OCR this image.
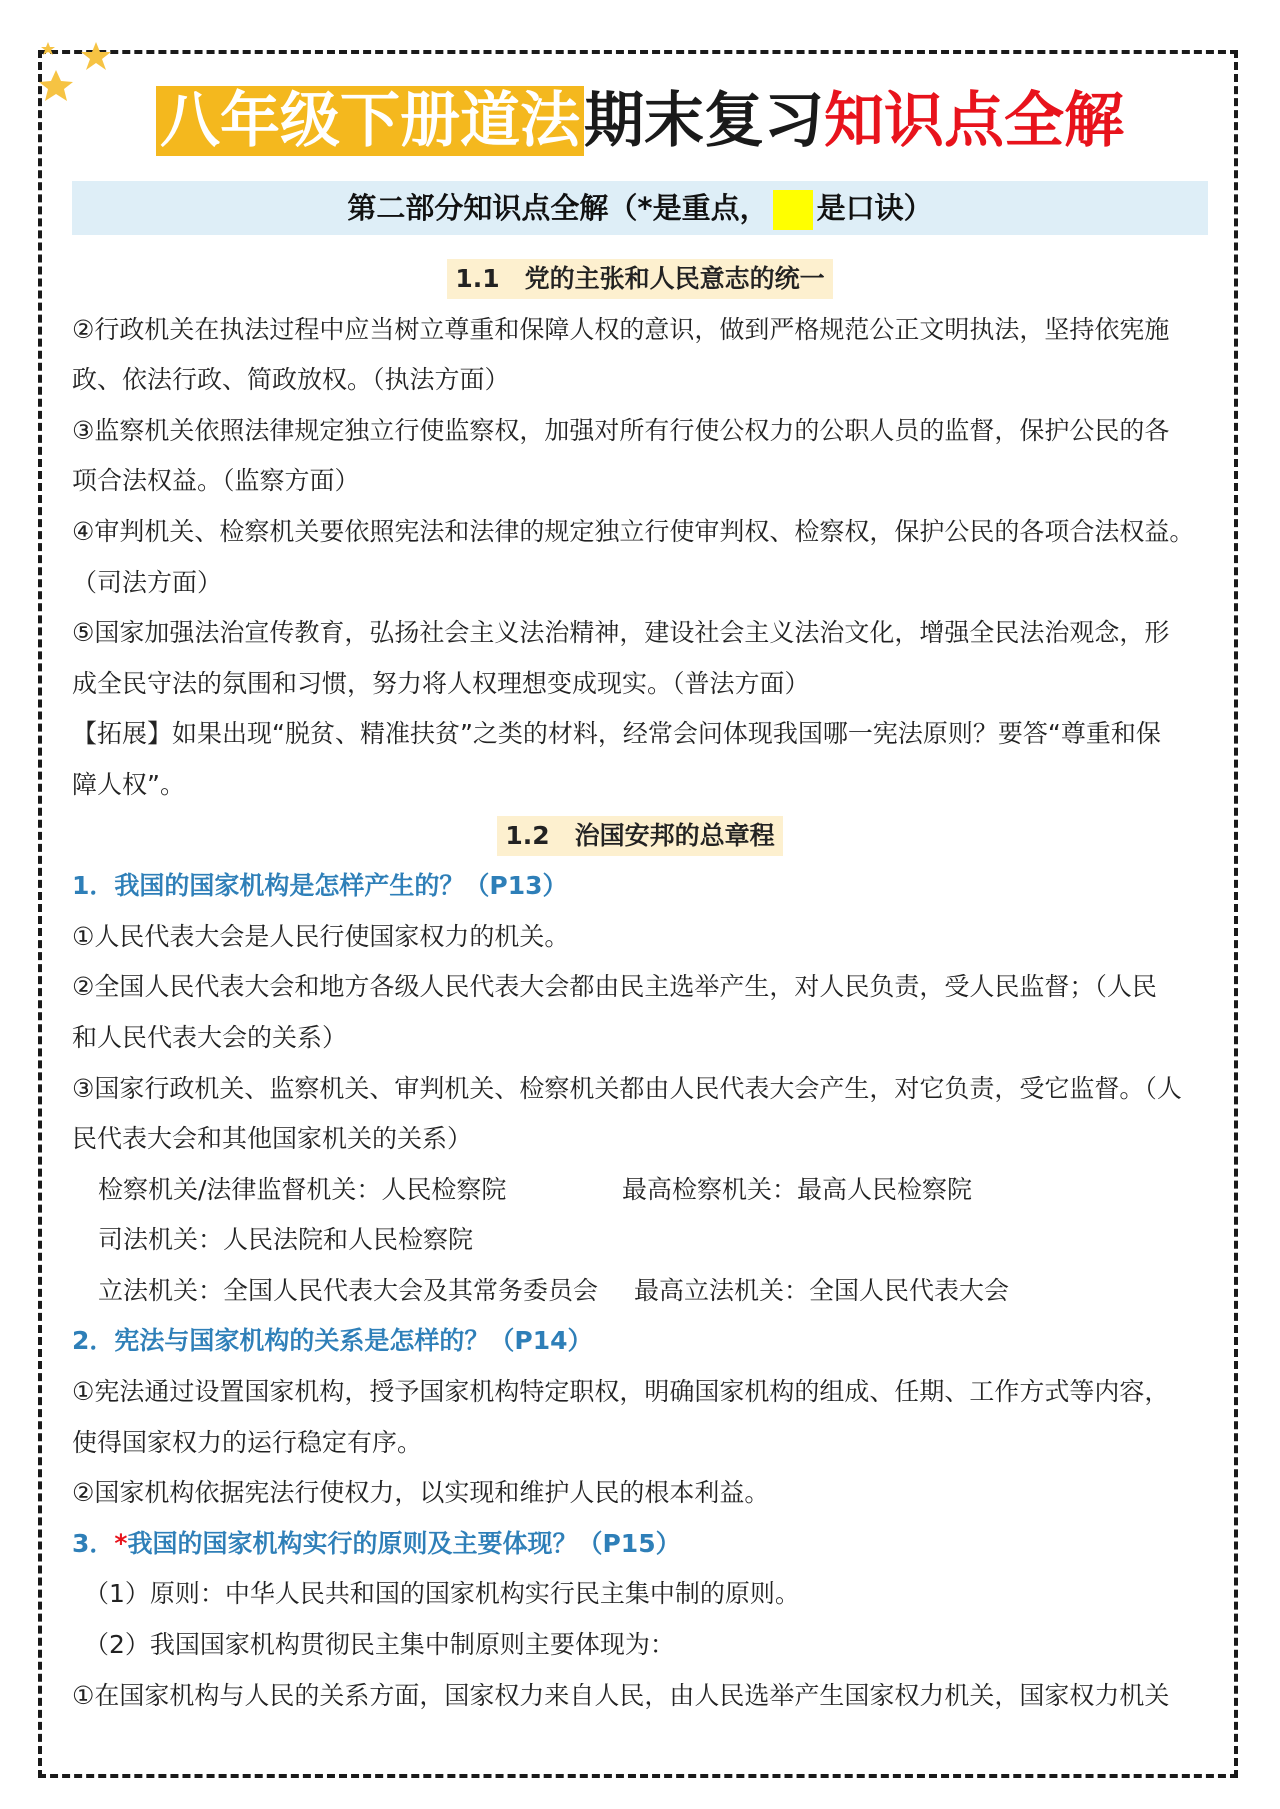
八年级下册道法期末复习知识点全解
第二部分知识点全解（*是重点， 是口诀）
1.1　党的主张和人民意志的统一
②行政机关在执法过程中应当树立尊重和保障人权的意识，做到严格规范公正文明执法，坚持依宪施
政、依法行政、简政放权。（执法方面）
③监察机关依照法律规定独立行使监察权，加强对所有行使公权力的公职人员的监督，保护公民的各
项合法权益。（监察方面）
④审判机关、检察机关要依照宪法和法律的规定独立行使审判权、检察权，保护公民的各项合法权益。
（司法方面）
⑤国家加强法治宣传教育，弘扬社会主义法治精神，建设社会主义法治文化，增强全民法治观念，形
成全民守法的氛围和习惯，努力将人权理想变成现实。（普法方面）
【拓展】如果出现“脱贫、精准扶贫”之类的材料，经常会问体现我国哪一宪法原则？要答“尊重和保
障人权”。
1.2　治国安邦的总章程
1．我国的国家机构是怎样产生的？（P13）
①人民代表大会是人民行使国家权力的机关。
②全国人民代表大会和地方各级人民代表大会都由民主选举产生，对人民负责，受人民监督；（人民
和人民代表大会的关系）
③国家行政机关、监察机关、审判机关、检察机关都由人民代表大会产生，对它负责，受它监督。（人
民代表大会和其他国家机关的关系）
检察机关/法律监督机关：人民检察院	最高检察机关：最高人民检察院
司法机关：人民法院和人民检察院
立法机关：全国人民代表大会及其常务委员会 最高立法机关：全国人民代表大会
2．宪法与国家机构的关系是怎样的？（P14）
①宪法通过设置国家机构，授予国家机构特定职权，明确国家机构的组成、任期、工作方式等内容，
使得国家权力的运行稳定有序。
②国家机构依据宪法行使权力，以实现和维护人民的根本利益。
3．*我国的国家机构实行的原则及主要体现？（P15）
（1）原则：中华人民共和国的国家机构实行民主集中制的原则。
（2）我国国家机构贯彻民主集中制原则主要体现为：
①在国家机构与人民的关系方面，国家权力来自人民，由人民选举产生国家权力机关，国家权力机关
